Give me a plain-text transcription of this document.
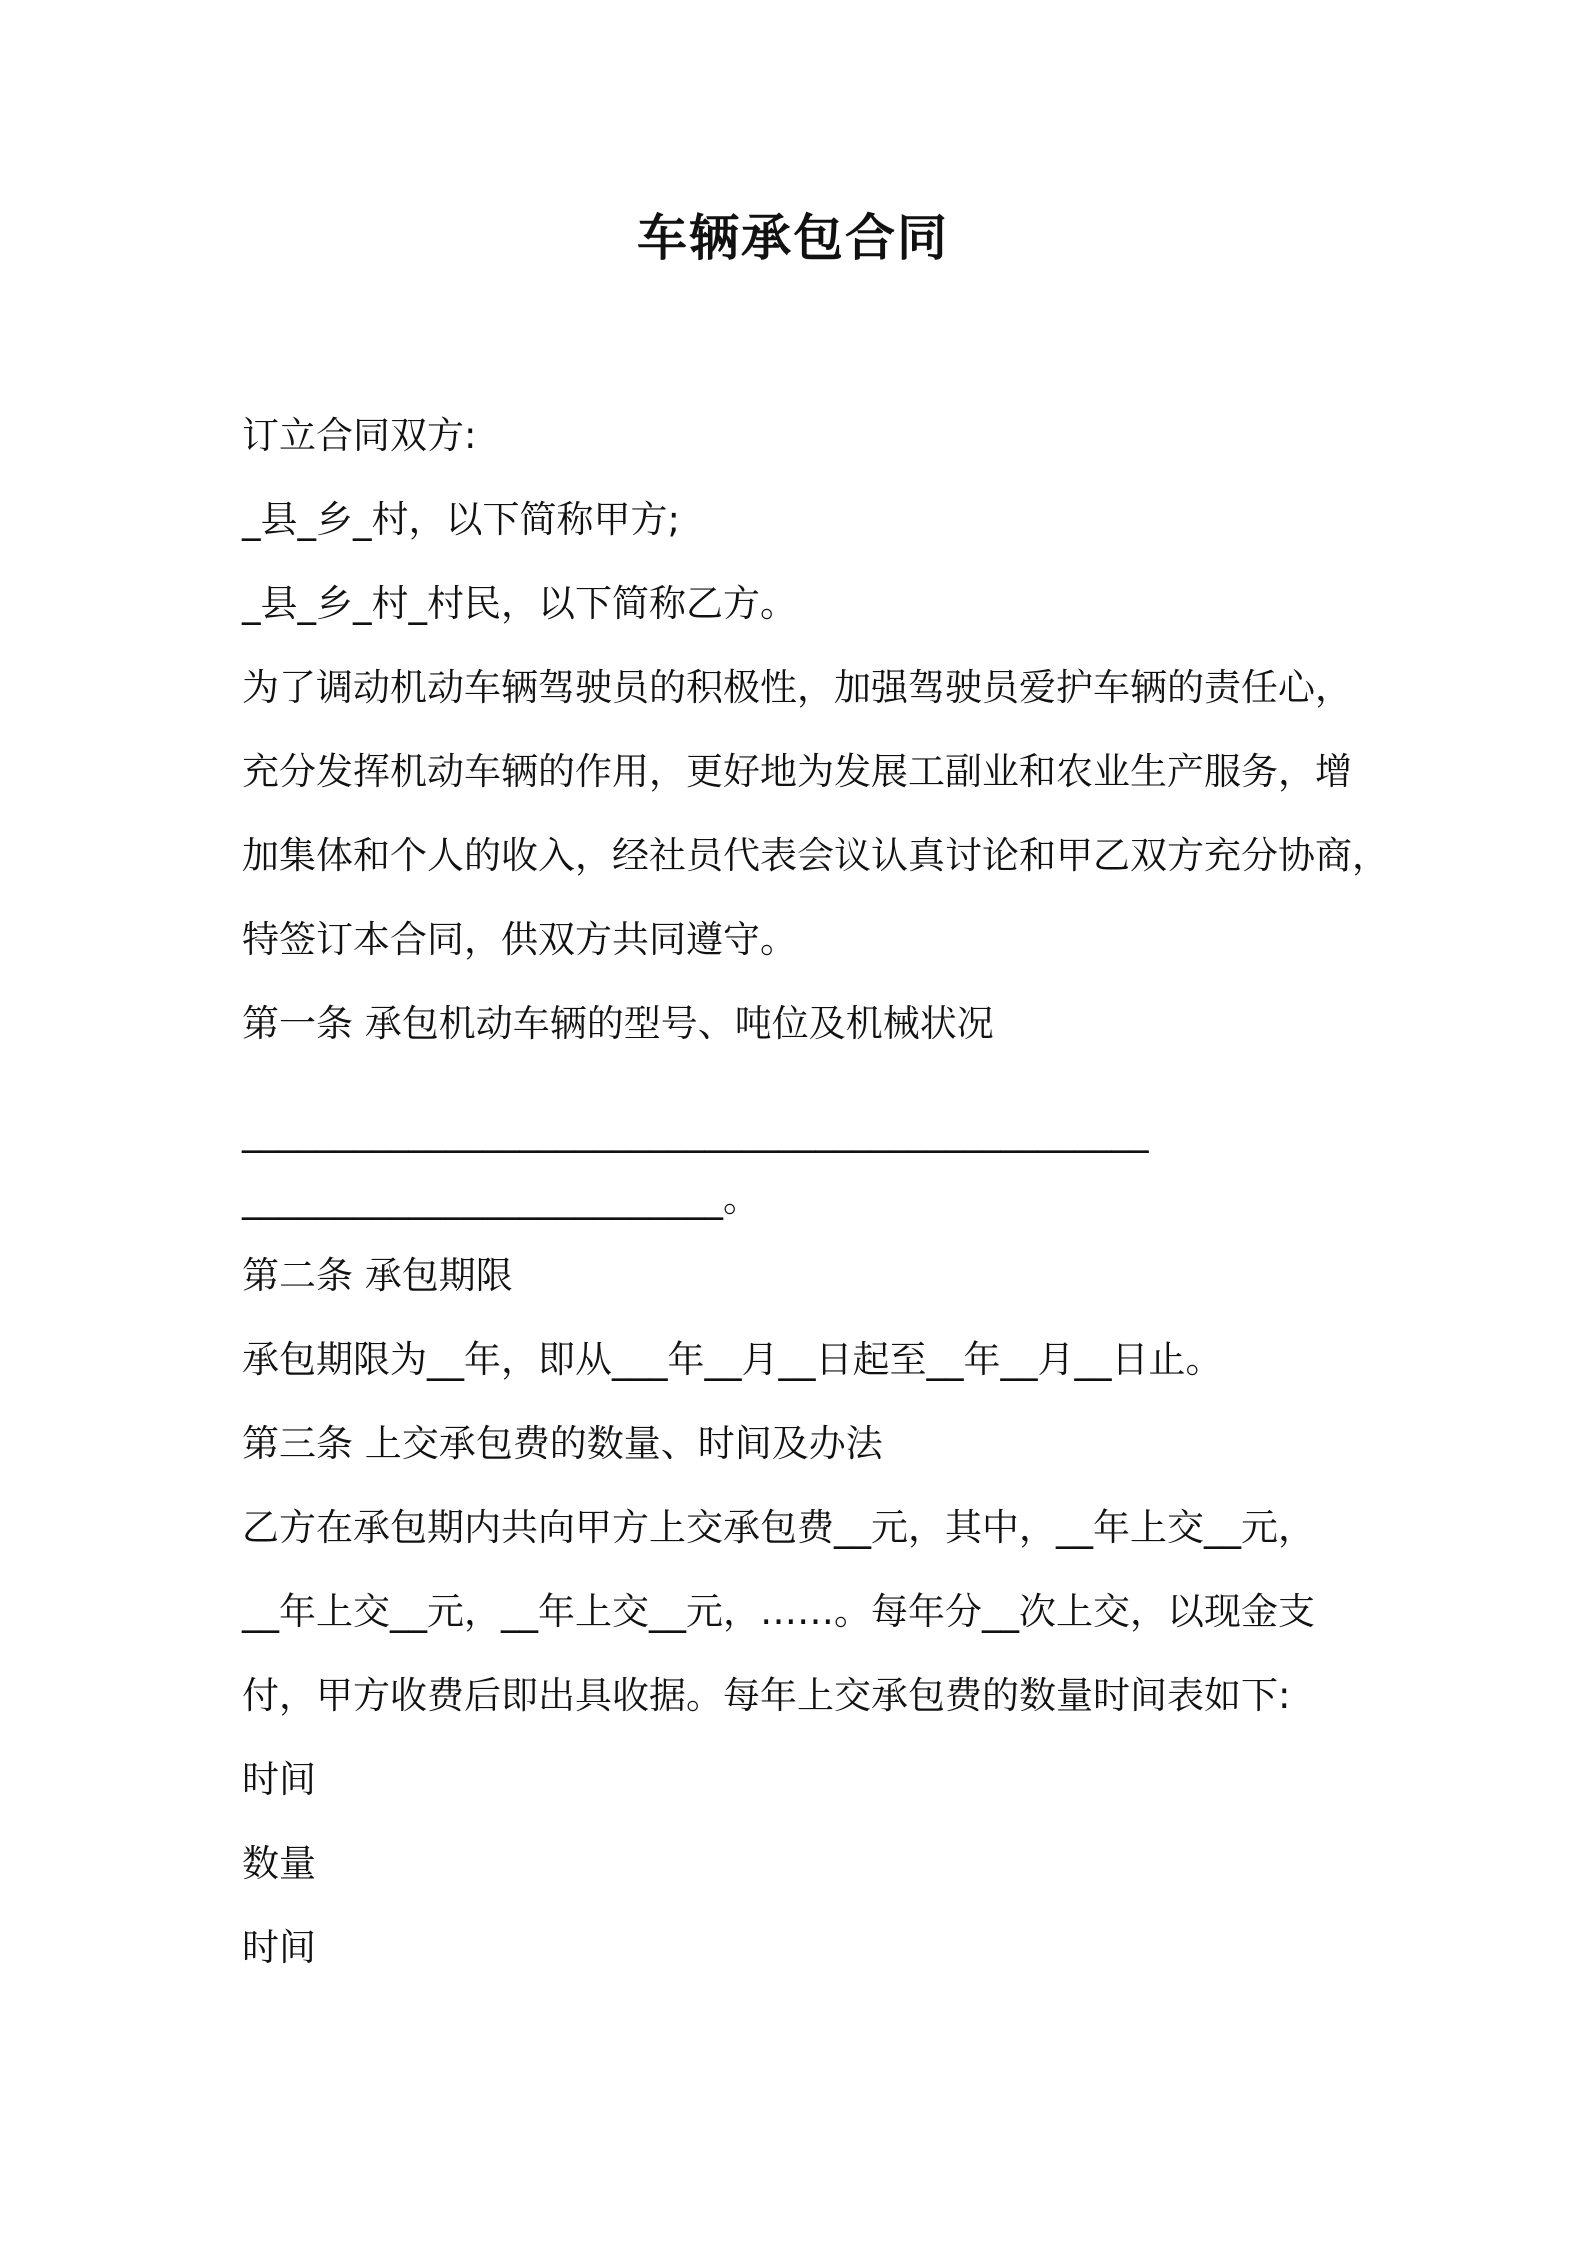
车辆承包合同

订立合同双方:

_县_乡_村，以下简称甲方;

_县_乡_村_村民，以下简称乙方。

为了调动机动车辆驾驶员的积极性，加强驾驶员爱护车辆的责任心，

充分发挥机动车辆的作用，更好地为发展工副业和农业生产服务，增

加集体和个人的收入，经社员代表会议认真讨论和甲乙双方充分协商，

特签订本合同，供双方共同遵守。

第一条 承包机动车辆的型号、吨位及机械状况

_________________________________________________

__________________________。

第二条 承包期限

承包期限为__年，即从___年__月__日起至__年__月__日止。

第三条 上交承包费的数量、时间及办法

乙方在承包期内共向甲方上交承包费__元，其中，__年上交__元，

__年上交__元，__年上交__元，……。每年分__次上交，以现金支

付，甲方收费后即出具收据。每年上交承包费的数量时间表如下:

时间

数量

时间
